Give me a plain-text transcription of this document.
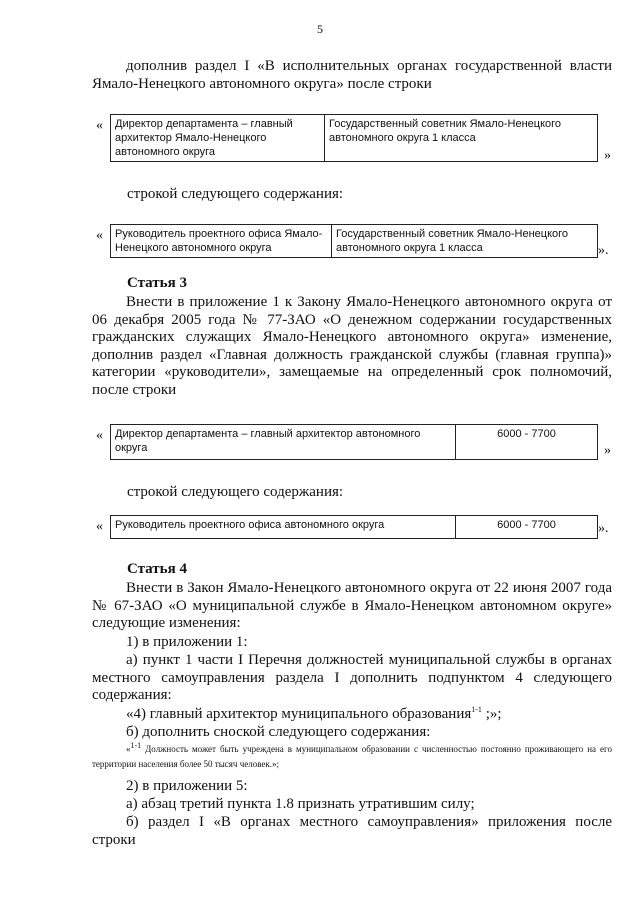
5
дополнив раздел I «В исполнительных органах государственной власти Ямало-Ненецкого автономного округа» после строки
« Директор департамента – главный архитектор Ямало-Ненецкого автономного округа	Государственный советник Ямало-Ненецкого автономного округа 1 класса
»
строкой следующего содержания:
« Руководитель проектного офиса Ямало-Ненецкого автономного округа	Государственный советник Ямало-Ненецкого автономного округа 1 класса	».
Статья 3
Внести в приложение 1 к Закону Ямало-Ненецкого автономного округа от 06 декабря 2005 года № 77-ЗАО «О денежном содержании государственных гражданских служащих Ямало-Ненецкого автономного округа» изменение, дополнив раздел «Главная должность гражданской службы (главная группа)» категории «руководители», замещаемые на определенный срок полномочий, после строки
« Директор департамента – главный архитектор автономного округа	6000 - 7700
»
строкой следующего содержания:
« Руководитель проектного офиса автономного округа	6000 - 7700	».
Статья 4
Внести в Закон Ямало-Ненецкого автономного округа от 22 июня 2007 года № 67-ЗАО «О муниципальной службе в Ямало-Ненецком автономном округе» следующие изменения:
1) в приложении 1:
а) пункт 1 части I Перечня должностей муниципальной службы в органах местного самоуправления раздела I дополнить подпунктом 4 следующего содержания:
«4) главный архитектор муниципального образования$^{1-1}$ ;»;
б) дополнить сноской следующего содержания:
«$^{1-1}$ Должность может быть учреждена в муниципальном образовании с численностью постоянно проживающего на его территории населения более 50 тысяч человек.»;
2) в приложении 5:
а) абзац третий пункта 1.8 признать утратившим силу;
б) раздел I «В органах местного самоуправления» приложения после строки
